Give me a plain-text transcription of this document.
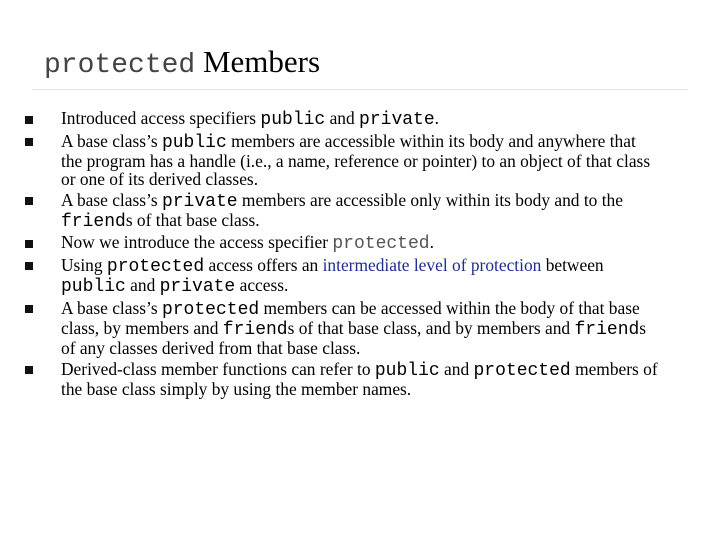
protected Members
Introduced access specifiers public and private.
A base class’s public members are accessible within its body and anywhere that the program has a handle (i.e., a name, reference or pointer) to an object of that class or one of its derived classes.
A base class’s private members are accessible only within its body and to the friends of that base class.
Now we introduce the access specifier protected.
Using protected access offers an intermediate level of protection between public and private access.
A base class’s protected members can be accessed within the body of that base class, by members and friends of that base class, and by members and friends of any classes derived from that base class.
Derived-class member functions can refer to public and protected members of the base class simply by using the member names.
